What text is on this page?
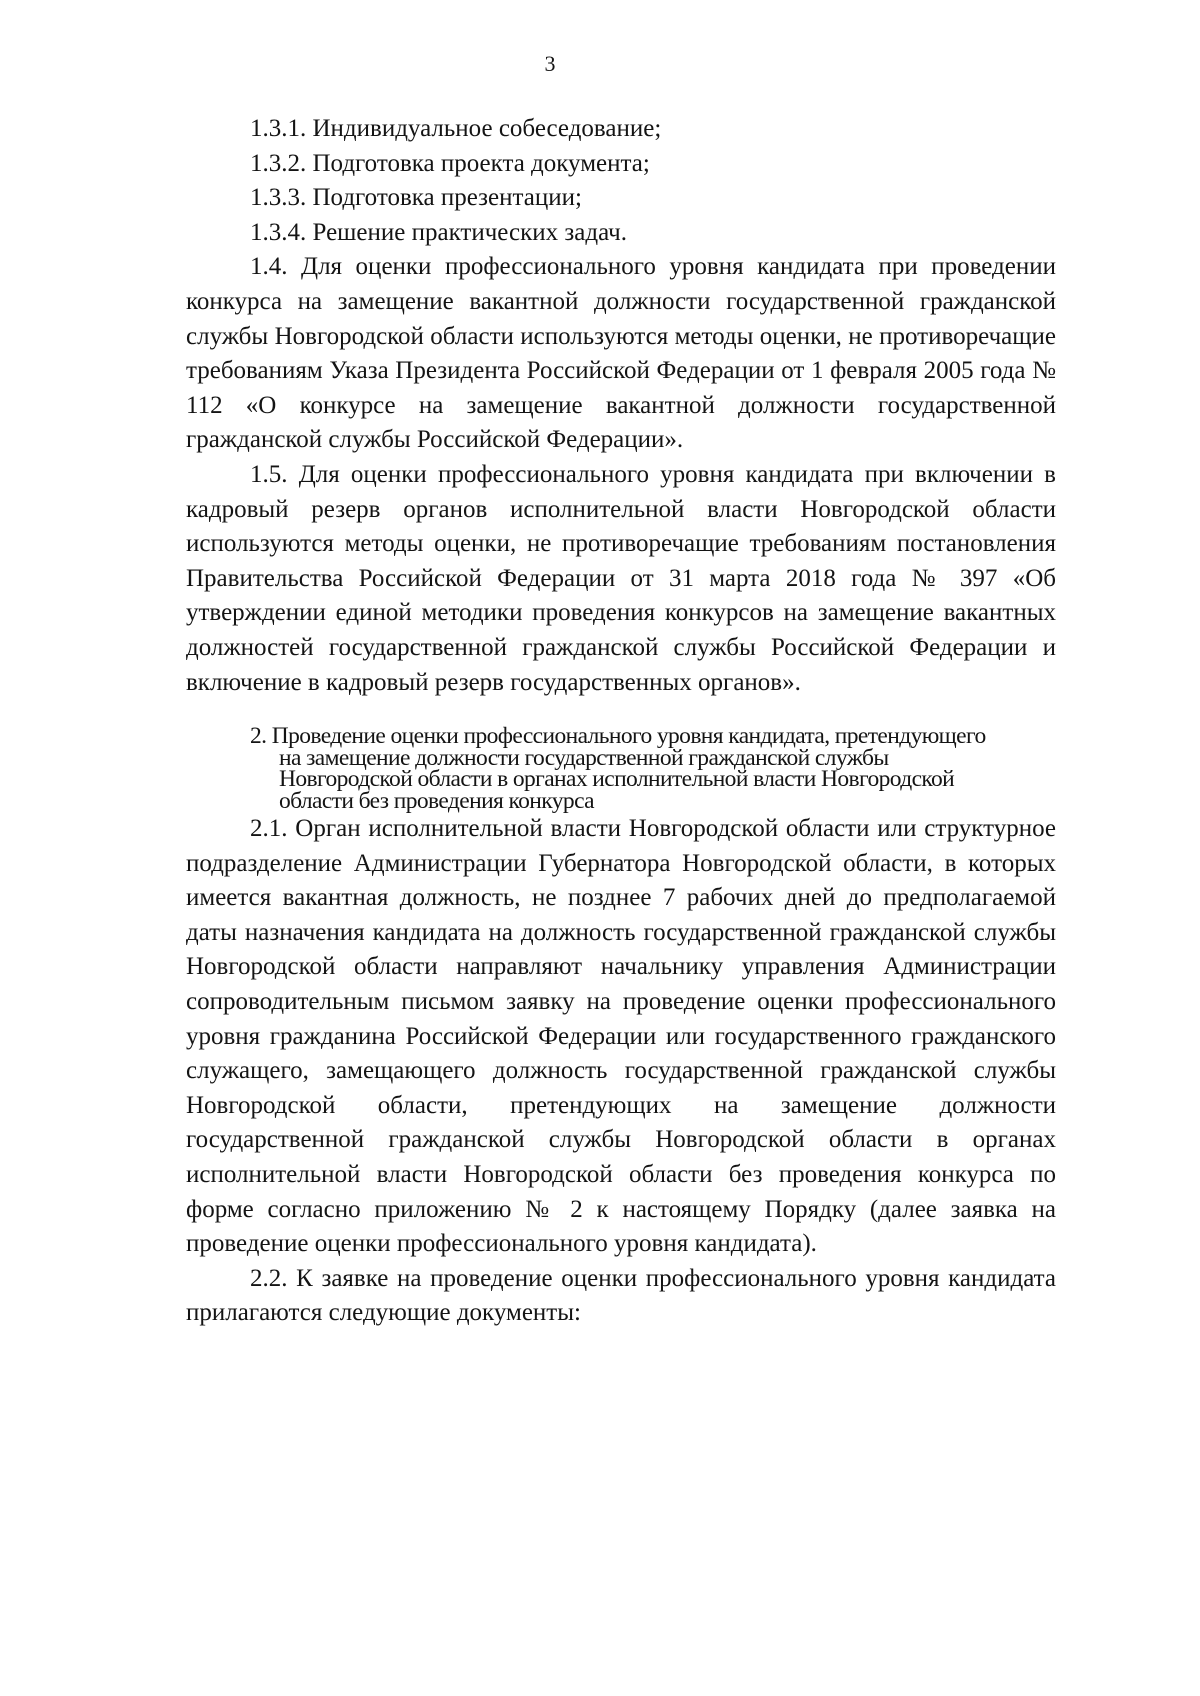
3

1.3.1. Индивидуальное собеседование;

1.3.2. Подготовка проекта документа;

1.3.3. Подготовка презентации;

1.3.4. Решение практических задач.

1.4. Для оценки профессионального уровня кандидата при проведении конкурса на замещение вакантной должности государственной гражданской службы Новгородской области используются методы оценки, не противоречащие требованиям Указа Президента Российской Федерации от 1 февраля 2005 года № 112 «О конкурсе на замещение вакантной должности государственной гражданской службы Российской Федерации».

1.5. Для оценки профессионального уровня кандидата при включении в кадровый резерв органов исполнительной власти Новгородской области используются методы оценки, не противоречащие требованиям постановления Правительства Российской Федерации от 31 марта 2018 года № 397 «Об утверждении единой методики проведения конкурсов на замещение вакантных должностей государственной гражданской службы Российской Федерации и включение в кадровый резерв государственных органов».

2. Проведение оценки профессионального уровня кандидата, претендующего
на замещение должности государственной гражданской службы
Новгородской области в органах исполнительной власти Новгородской
области без проведения конкурса

2.1. Орган исполнительной власти Новгородской области или структурное подразделение Администрации Губернатора Новгородской области, в которых имеется вакантная должность, не позднее 7 рабочих дней до предполагаемой даты назначения кандидата на должность государственной гражданской службы Новгородской области направляют начальнику управления Администрации сопроводительным письмом заявку на проведение оценки профессионального уровня гражданина Российской Федерации или государственного гражданского служащего, замещающего должность государственной гражданской службы Новгородской области, претендующих на замещение должности государственной гражданской службы Новгородской области в органах исполнительной власти Новгородской области без проведения конкурса по форме согласно приложению № 2 к настоящему Порядку (далее заявка на проведение оценки профессионального уровня кандидата).

2.2. К заявке на проведение оценки профессионального уровня кандидата прилагаются следующие документы:
